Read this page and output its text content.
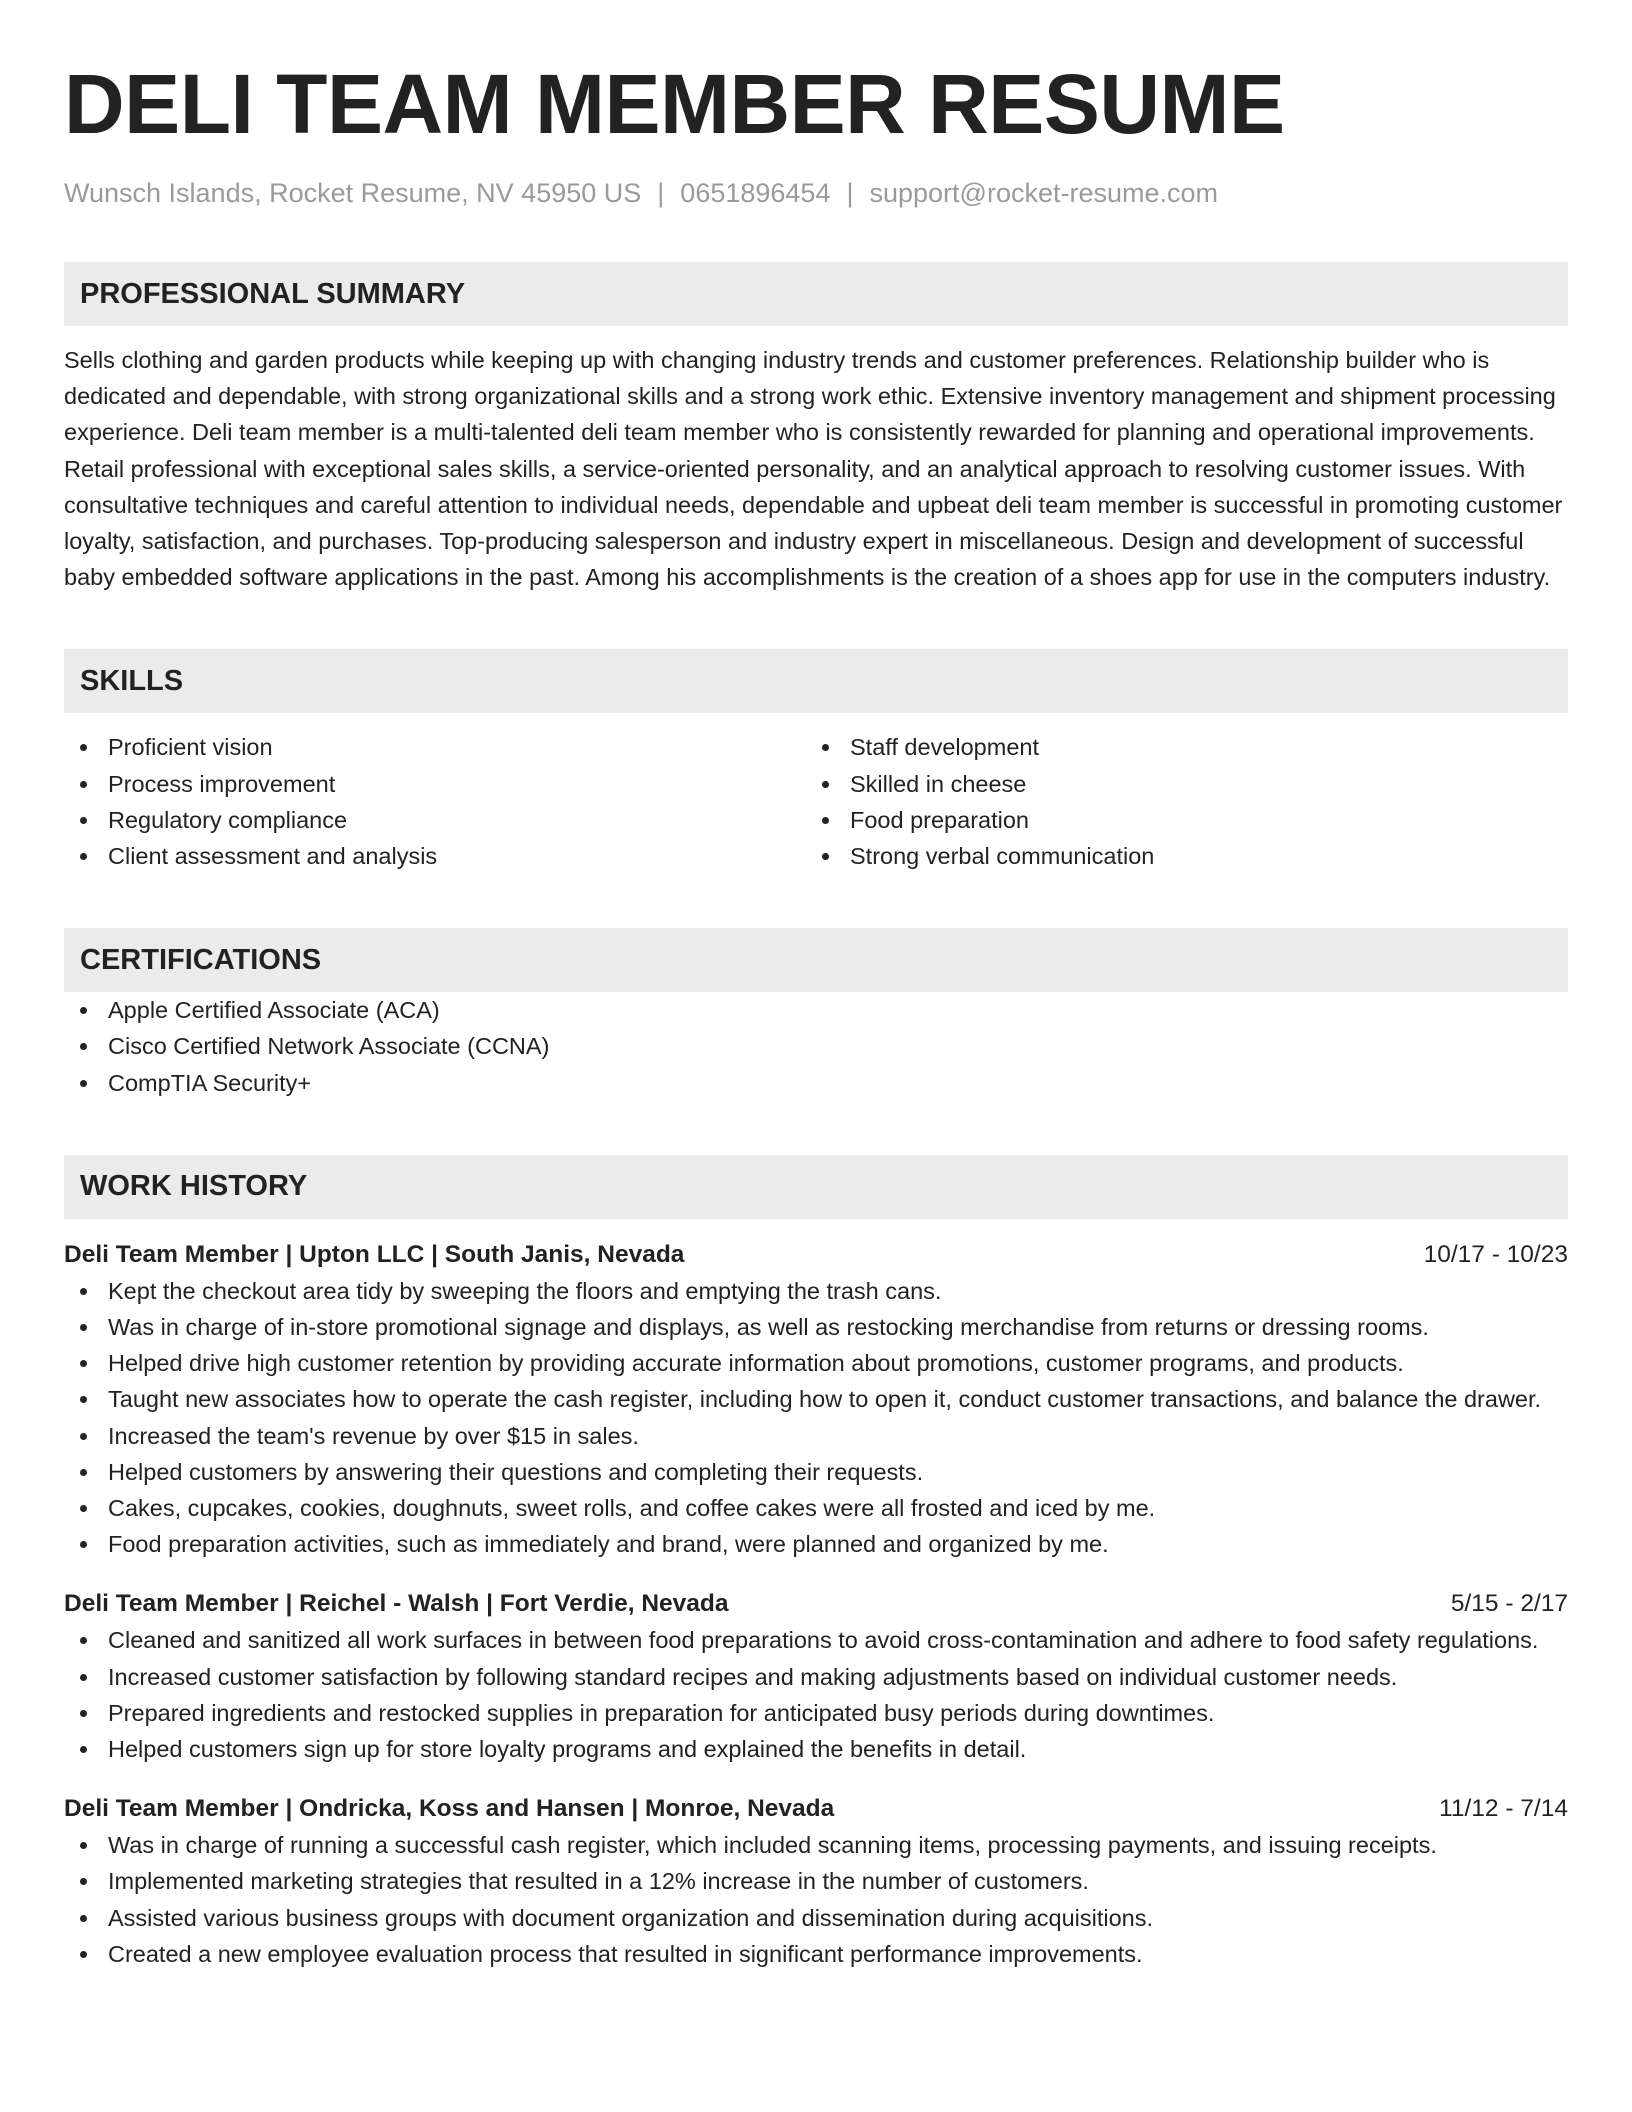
DELI TEAM MEMBER RESUME
Wunsch Islands, Rocket Resume, NV 45950 US | 0651896454 | support@rocket-resume.com
PROFESSIONAL SUMMARY

Sells clothing and garden products while keeping up with changing industry trends and customer preferences. Relationship builder who is dedicated and dependable, with strong organizational skills and a strong work ethic. Extensive inventory management and shipment processing experience. Deli team member is a multi-talented deli team member who is consistently rewarded for planning and operational improvements. Retail professional with exceptional sales skills, a service-oriented personality, and an analytical approach to resolving customer issues. With consultative techniques and careful attention to individual needs, dependable and upbeat deli team member is successful in promoting customer loyalty, satisfaction, and purchases. Top-producing salesperson and industry expert in miscellaneous. Design and development of successful baby embedded software applications in the past. Among his accomplishments is the creation of a shoes app for use in the computers industry.

SKILLS
Proficient vision
Process improvement
Regulatory compliance
Client assessment and analysis
Staff development
Skilled in cheese
Food preparation
Strong verbal communication
CERTIFICATIONS
Apple Certified Associate (ACA)
Cisco Certified Network Associate (CCNA)
CompTIA Security+
WORK HISTORY
Deli Team Member | Upton LLC | South Janis, Nevada	10/17 - 10/23
Kept the checkout area tidy by sweeping the floors and emptying the trash cans.
Was in charge of in-store promotional signage and displays, as well as restocking merchandise from returns or dressing rooms.
Helped drive high customer retention by providing accurate information about promotions, customer programs, and products.
Taught new associates how to operate the cash register, including how to open it, conduct customer transactions, and balance the drawer.
Increased the team's revenue by over $15 in sales.
Helped customers by answering their questions and completing their requests.
Cakes, cupcakes, cookies, doughnuts, sweet rolls, and coffee cakes were all frosted and iced by me.
Food preparation activities, such as immediately and brand, were planned and organized by me.
Deli Team Member | Reichel - Walsh | Fort Verdie, Nevada	5/15 - 2/17
Cleaned and sanitized all work surfaces in between food preparations to avoid cross-contamination and adhere to food safety regulations.
Increased customer satisfaction by following standard recipes and making adjustments based on individual customer needs.
Prepared ingredients and restocked supplies in preparation for anticipated busy periods during downtimes.
Helped customers sign up for store loyalty programs and explained the benefits in detail.
Deli Team Member | Ondricka, Koss and Hansen | Monroe, Nevada	11/12 - 7/14
Was in charge of running a successful cash register, which included scanning items, processing payments, and issuing receipts.
Implemented marketing strategies that resulted in a 12% increase in the number of customers.
Assisted various business groups with document organization and dissemination during acquisitions.
Created a new employee evaluation process that resulted in significant performance improvements.
